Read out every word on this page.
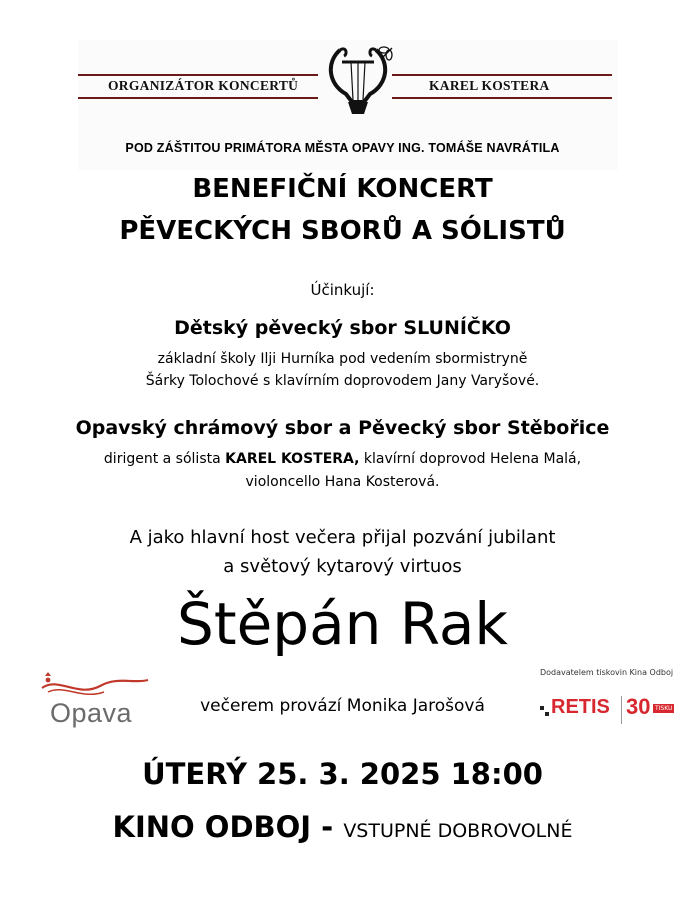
ORGANIZÁTOR KONCERTŮ	KAREL KOSTERA
POD ZÁŠTITOU PRIMÁTORA MĚSTA OPAVY ING. TOMÁŠE NAVRÁTILA
BENEFIČNÍ KONCERT
PĚVECKÝCH SBORŮ A SÓLISTŮ
Účinkují:
Dětský pěvecký sbor SLUNÍČKO
základní školy Ilji Hurníka pod vedením sbormistryně
Šárky Tolochové s klavírním doprovodem Jany Varyšové.
Opavský chrámový sbor a Pěvecký sbor Stěbořice
dirigent a sólista KAREL KOSTERA, klavírní doprovod Helena Malá,
violoncello Hana Kosterová.
A jako hlavní host večera přijal pozvání jubilant
a světový kytarový virtuos
Štěpán Rak
Opava	večerem provází Monika Jarošová
Dodavatelem tiskovin Kina Odboj
RETIS 30 TISKU
ÚTERÝ 25. 3. 2025 18:00
KINO ODBOJ - VSTUPNÉ DOBROVOLNÉ
